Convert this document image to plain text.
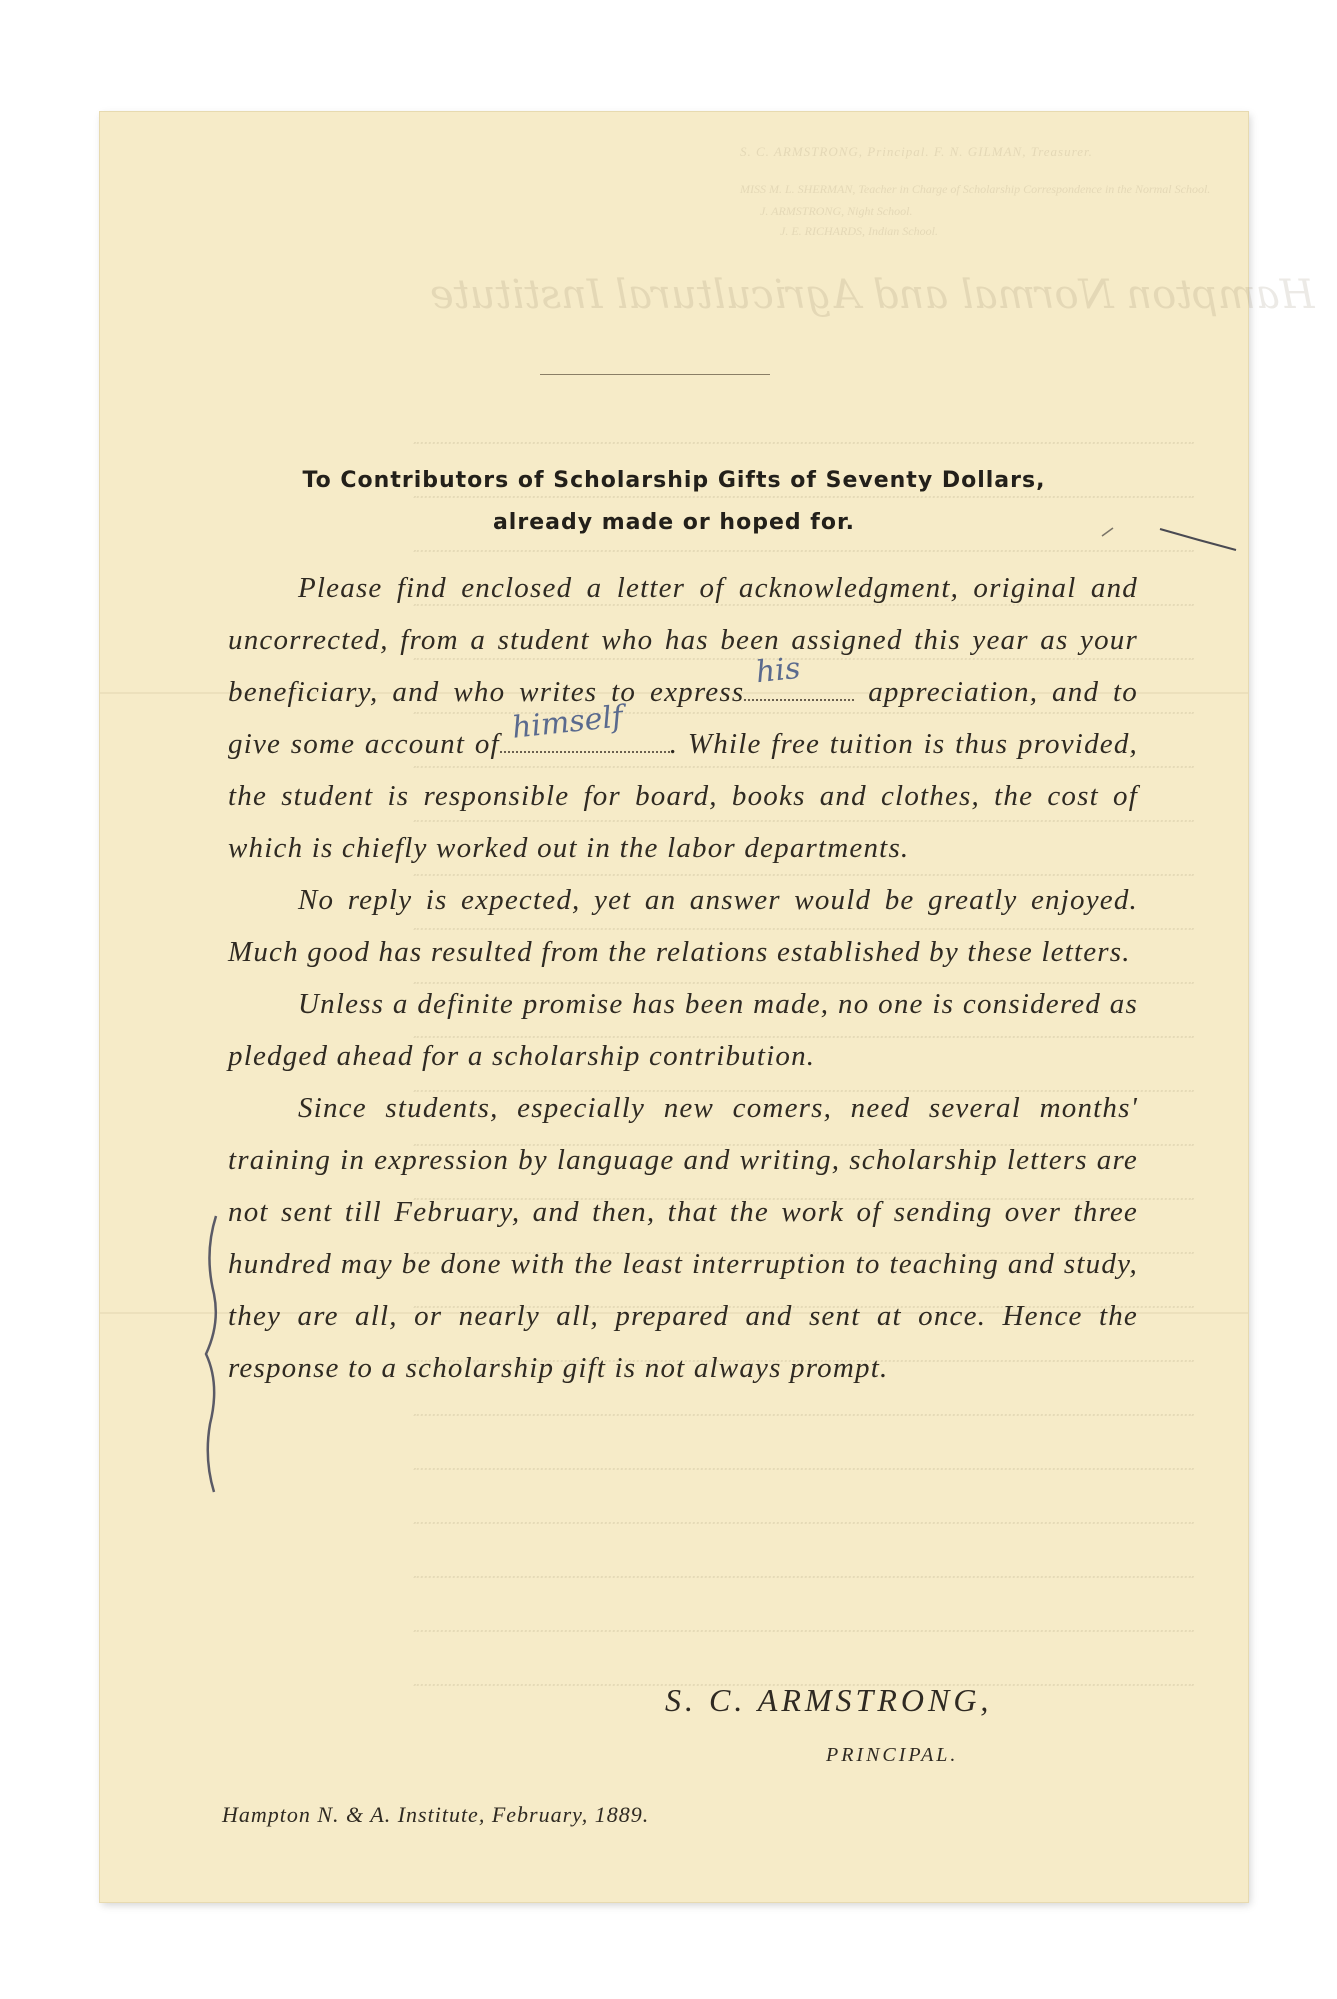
S. C. ARMSTRONG, Principal. F. N. GILMAN, Treasurer.
MISS M. L. SHERMAN, Teacher in Charge of Scholarship Correspondence in the Normal School.
J. ARMSTRONG, Night School.
J. E. RICHARDS, Indian School.
Hampton Normal and Agricultural Institute
To Contributors of Scholarship Gifts of Seventy Dollars,
already made or hoped for.

Please find enclosed a letter of acknowledgment, original and uncorrected, from a student who has been assigned this year as your beneficiary, and who writes to express
his
appreciation, and to give some account of himself . While free tuition is thus provided, the student is responsible for board, books and clothes, the cost of which is chiefly worked out in the labor departments.

No reply is expected, yet an answer would be greatly enjoyed. Much good has resulted from the relations established by these letters.

Unless a definite promise has been made, no one is considered as pledged ahead for a scholarship contribution.

Since students, especially new comers, need several months' training in expression by language and writing, scholarship letters are not sent till February, and then, that the work of sending over three hundred may be done with the least interruption to teaching and study, they are all, or nearly all, prepared and sent at once. Hence the response to a scholarship gift is not always prompt.

S. C. ARMSTRONG,
PRINCIPAL.
Hampton N. & A. Institute, February, 1889.
